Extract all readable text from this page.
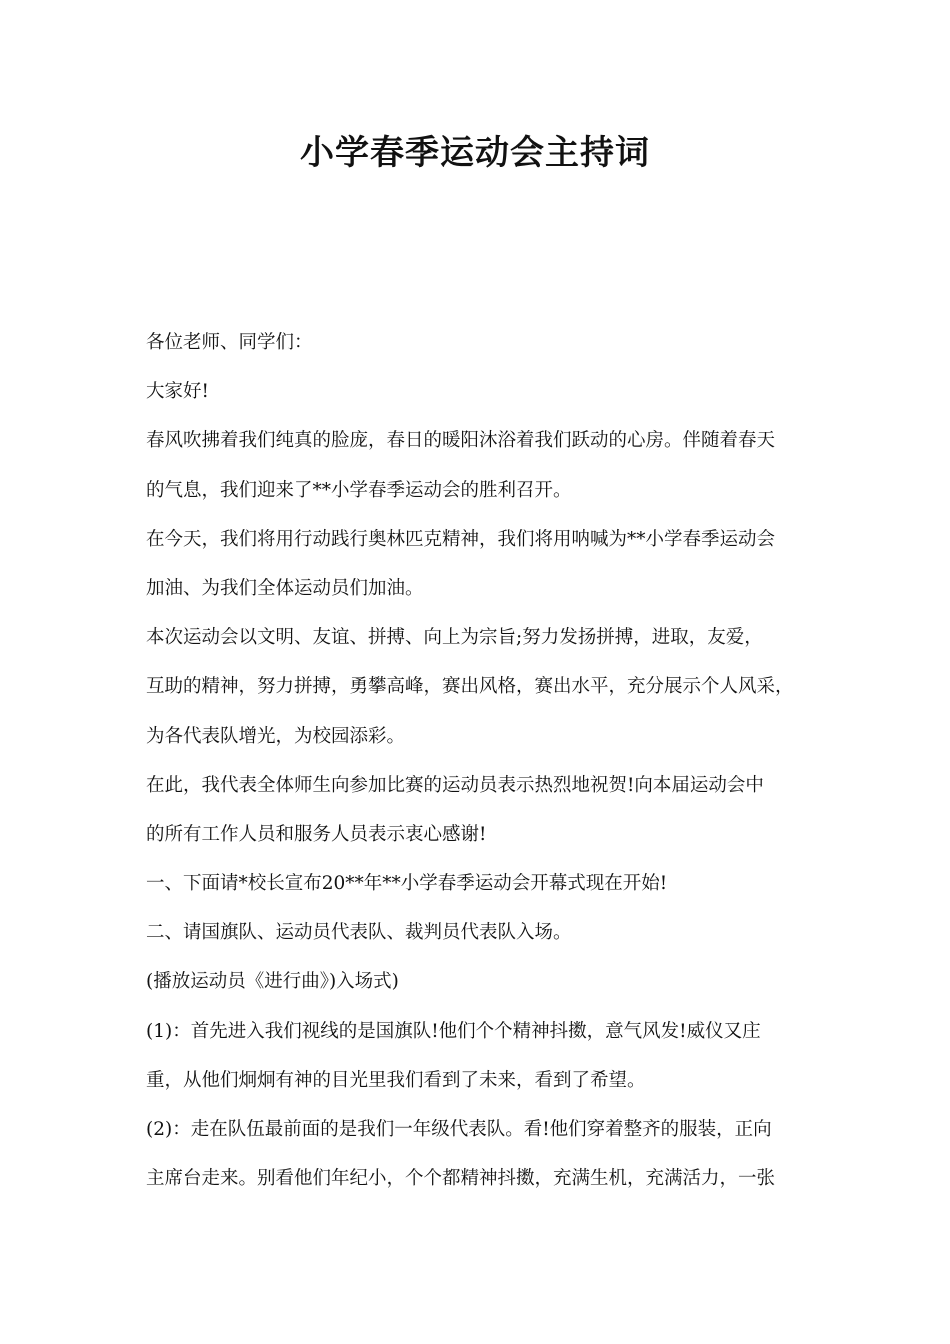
小学春季运动会主持词
各位老师、同学们：
大家好!
春风吹拂着我们纯真的脸庞，春日的暖阳沐浴着我们跃动的心房。伴随着春天
的气息，我们迎来了**小学春季运动会的胜利召开。
在今天，我们将用行动践行奥林匹克精神，我们将用呐喊为**小学春季运动会
加油、为我们全体运动员们加油。
本次运动会以文明、友谊、拼搏、向上为宗旨;努力发扬拼搏，进取，友爱，
互助的精神，努力拼搏，勇攀高峰，赛出风格，赛出水平，充分展示个人风采，
为各代表队增光，为校园添彩。
在此，我代表全体师生向参加比赛的运动员表示热烈地祝贺!向本届运动会中
的所有工作人员和服务人员表示衷心感谢!
一、下面请*校长宣布20**年**小学春季运动会开幕式现在开始!
二、请国旗队、运动员代表队、裁判员代表队入场。
(播放运动员《进行曲》)入场式)
(1)：首先进入我们视线的是国旗队!他们个个精神抖擞，意气风发!威仪又庄
重，从他们炯炯有神的目光里我们看到了未来，看到了希望。
(2)：走在队伍最前面的是我们一年级代表队。看!他们穿着整齐的服装，正向
主席台走来。别看他们年纪小，个个都精神抖擞，充满生机，充满活力，一张
